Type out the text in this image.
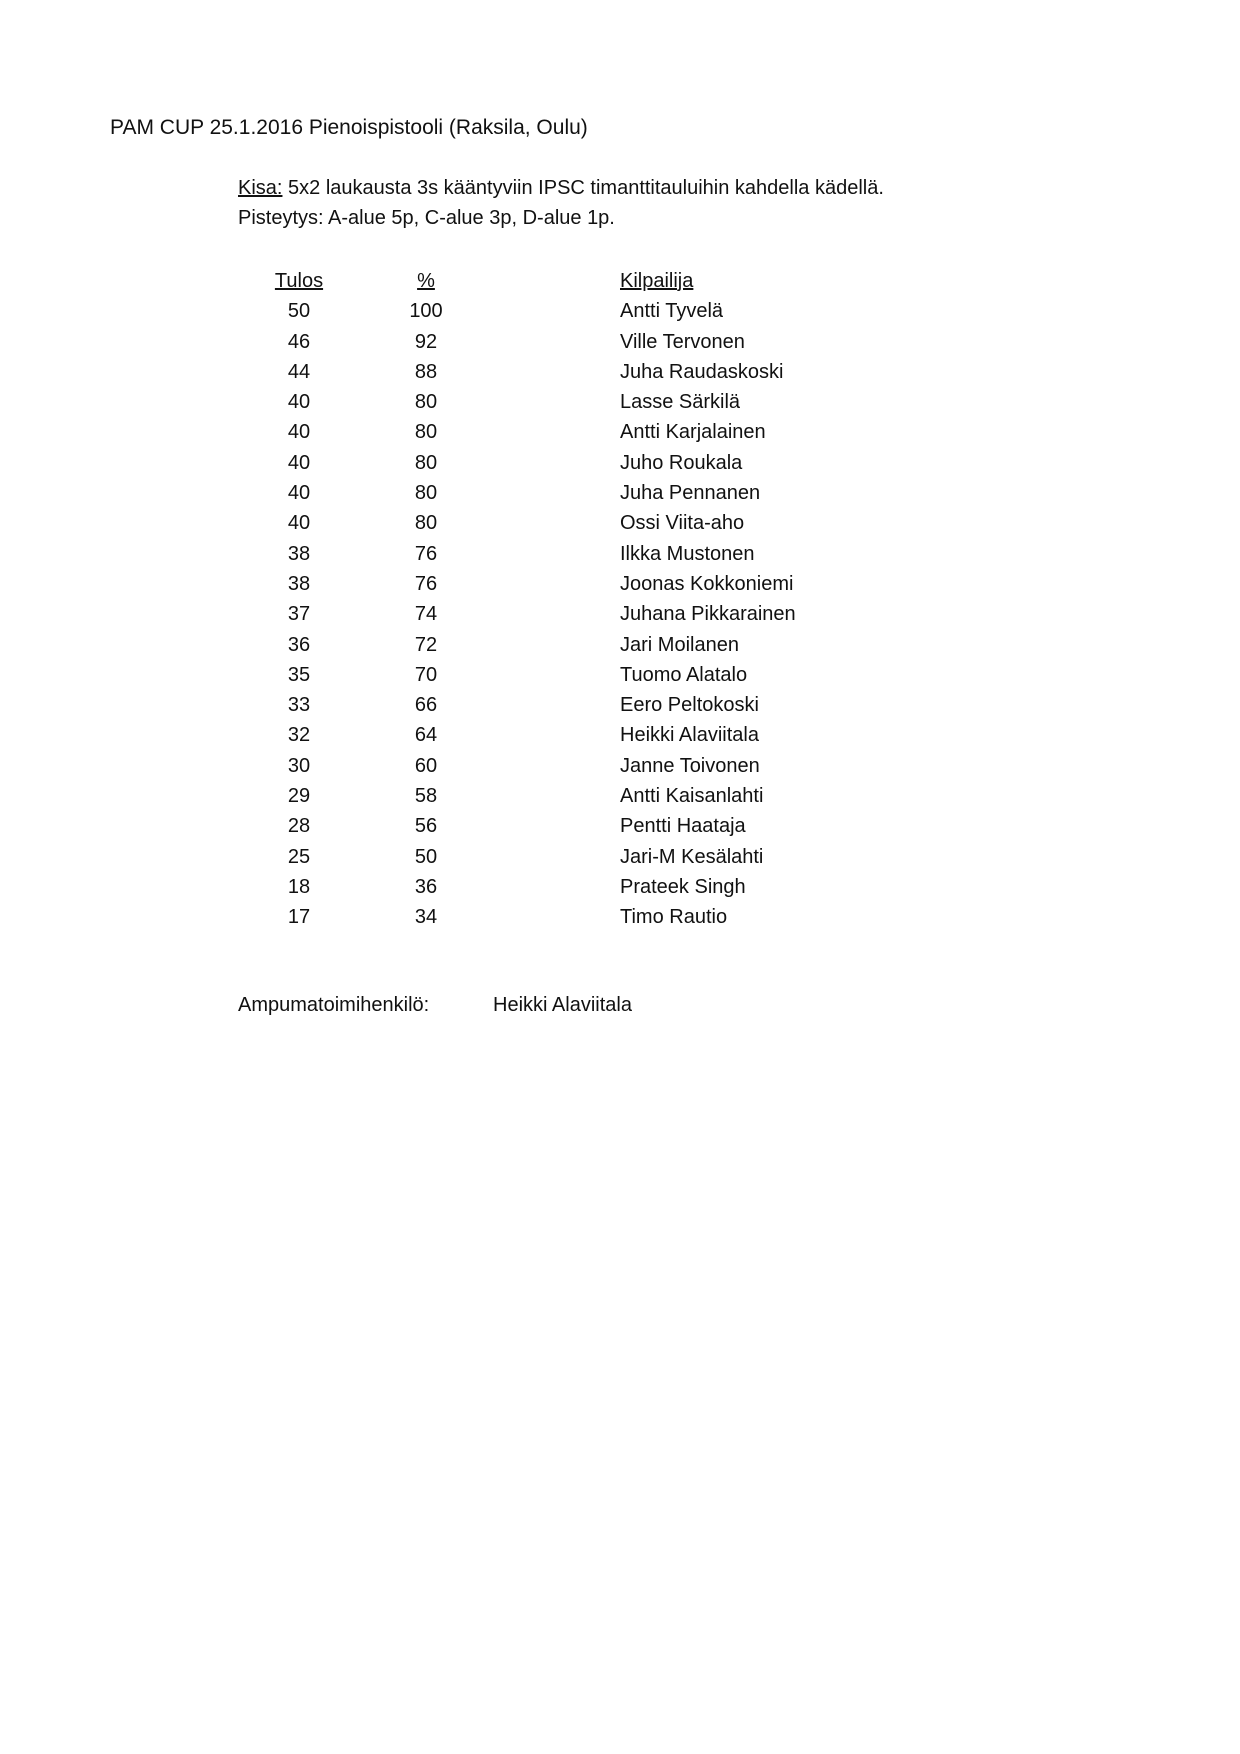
PAM CUP 25.1.2016 Pienoispistooli (Raksila, Oulu)
Kisa: 5x2 laukausta 3s kääntyviin IPSC timanttitauluihin kahdella kädellä.
Pisteytys: A-alue 5p, C-alue 3p, D-alue 1p.
Tulos	%	Kilpailija
50	100	Antti Tyvelä
46	92	Ville Tervonen
44	88	Juha Raudaskoski
40	80	Lasse Särkilä
40	80	Antti Karjalainen
40	80	Juho Roukala
40	80	Juha Pennanen
40	80	Ossi Viita-aho
38	76	Ilkka Mustonen
38	76	Joonas Kokkoniemi
37	74	Juhana Pikkarainen
36	72	Jari Moilanen
35	70	Tuomo Alatalo
33	66	Eero Peltokoski
32	64	Heikki Alaviitala
30	60	Janne Toivonen
29	58	Antti Kaisanlahti
28	56	Pentti Haataja
25	50	Jari-M Kesälahti
18	36	Prateek Singh
17	34	Timo Rautio
Ampumatoimihenkilö:	Heikki Alaviitala
